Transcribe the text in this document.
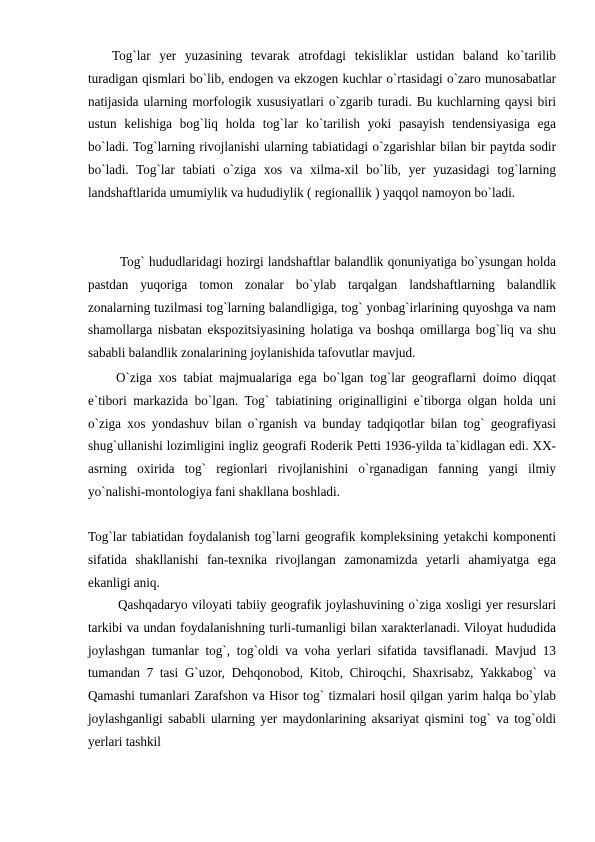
Tog`lar yer yuzasining tevarak atrofdagi tekisliklar ustidan baland ko`tarilib turadigan qismlari bo`lib, endogen va ekzogen kuchlar o`rtasidagi o`zaro munosabatlar natijasida ularning morfologik xususiyatlari o`zgarib turadi. Bu kuchlarning qaysi biri ustun kelishiga bog`liq holda tog`lar ko`tarilish yoki pasayish tendensiyasiga ega bo`ladi. Tog`larning rivojlanishi ularning tabiatidagi o`zgarishlar bilan bir paytda sodir bo`ladi. Tog`lar tabiati o`ziga xos va xilma-xil bo`lib, yer yuzasidagi tog`larning landshaftlarida umumiylik va hududiylik ( regionallik ) yaqqol namoyon bo`ladi.

Tog` hududlaridagi hozirgi landshaftlar balandlik qonuniyatiga bo`ysungan holda pastdan yuqoriga tomon zonalar bo`ylab tarqalgan landshaftlarning balandlik zonalarning tuzilmasi tog`larning balandligiga, tog` yonbag`irlarining quyoshga va nam shamollarga nisbatan ekspozitsiyasining holatiga va boshqa omillarga bog`liq va shu sababli balandlik zonalarining joylanishida tafovutlar mavjud.

O`ziga xos tabiat majmualariga ega bo`lgan tog`lar geograflarni doimo diqqat e`tibori markazida bo`lgan. Tog` tabiatining originalligini e`tiborga olgan holda uni o`ziga xos yondashuv bilan o`rganish va bunday tadqiqotlar bilan tog` geografiyasi shug`ullanishi lozimligini ingliz geografi Roderik Petti 1936-yilda ta`kidlagan edi. XX-asrning oxirida tog` regionlari rivojlanishini o`rganadigan fanning yangi ilmiy yo`nalishi-montologiya fani shakllana boshladi.

Tog`lar tabiatidan foydalanish tog`larni geografik kompleksining yetakchi komponenti sifatida shakllanishi fan-texnika rivojlangan zamonamizda yetarli ahamiyatga ega ekanligi aniq.

Qashqadaryo viloyati tabiiy geografik joylashuvining o`ziga xosligi yer resurslari tarkibi va undan foydalanishning turli-tumanligi bilan xarakterlanadi. Viloyat hududida joylashgan tumanlar tog`, tog`oldi va voha yerlari sifatida tavsiflanadi. Mavjud 13 tumandan 7 tasi G`uzor, Dehqonobod, Kitob, Chiroqchi, Shaxrisabz, Yakkabog` va Qamashi tumanlari Zarafshon va Hisor tog` tizmalari hosil qilgan yarim halqa bo`ylab joylashganligi sababli ularning yer maydonlarining aksariyat qismini tog` va tog`oldi yerlari tashkil
